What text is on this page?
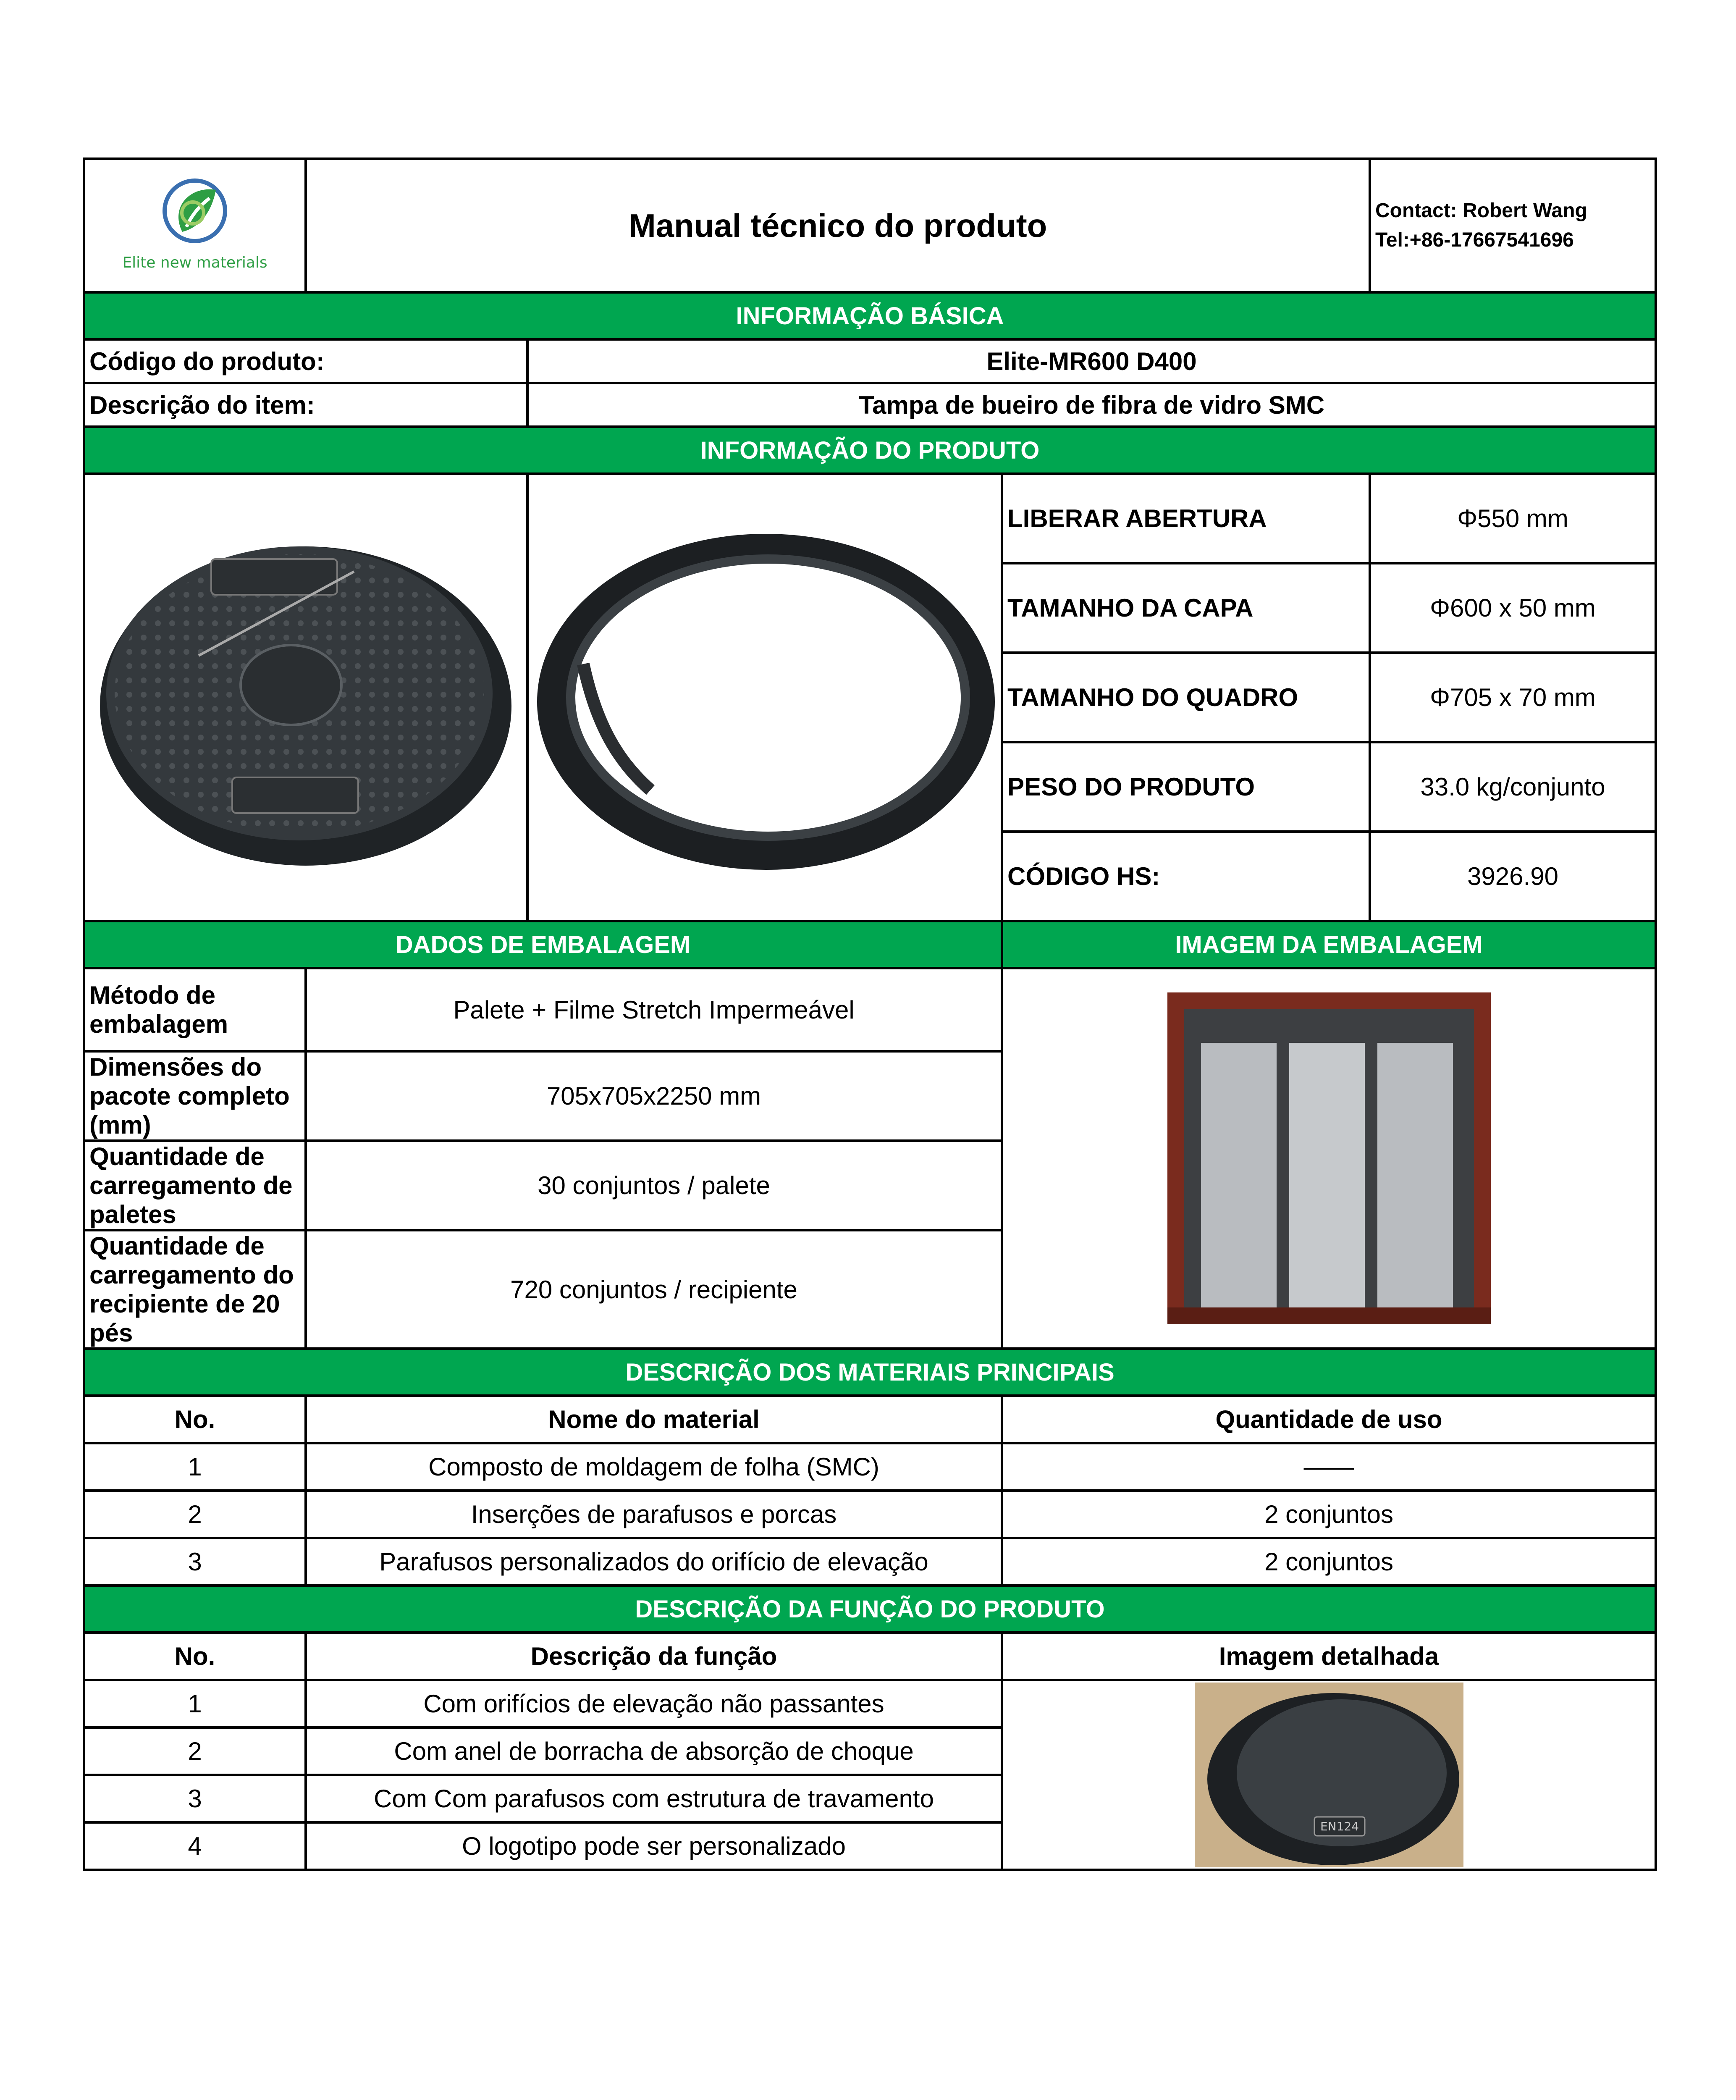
Elite new materials	Manual técnico do produto			Contact: Robert Wang
Tel:+86-17667541696

INFORMAÇÃO BÁSICA				
Código do produto:		Elite-MR600 D400		
Descrição do item:		Tampa de bueiro de fibra de vidro SMC		
INFORMAÇÃO DO PRODUTO				

	LIBERAR ABERTURA	Φ550 mm
			TAMANHO DA CAPA	Φ600 x 50 mm
			TAMANHO DO QUADRO	Φ705 x 70 mm
			PESO DO PRODUTO	33.0 kg/conjunto
			CÓDIGO HS:	3926.90
DADOS DE EMBALAGEM			IMAGEM DA EMBALAGEM	
Método de embalagem	Palete + Filme Stretch Impermeável	

Dimensões do pacote completo (mm)	705x705x2250 mm			
Quantidade de carregamento de paletes	30 conjuntos / palete			
Quantidade de carregamento do recipiente de 20 pés	720 conjuntos / recipiente			
DESCRIÇÃO DOS MATERIAIS PRINCIPAIS				
No.	Nome do material		Quantidade de uso	
1	Composto de moldagem de folha (SMC)		——	
2	Inserções de parafusos e porcas		2 conjuntos	
3	Parafusos personalizados do orifício de elevação		2 conjuntos	
DESCRIÇÃO DA FUNÇÃO DO PRODUTO				
No.	Descrição da função		Imagem detalhada	
1	Com orifícios de elevação não passantes		EN124	

2	Com anel de borracha de absorção de choque			
3	Com Com parafusos com estrutura de travamento			
4	O logotipo pode ser personalizado			
